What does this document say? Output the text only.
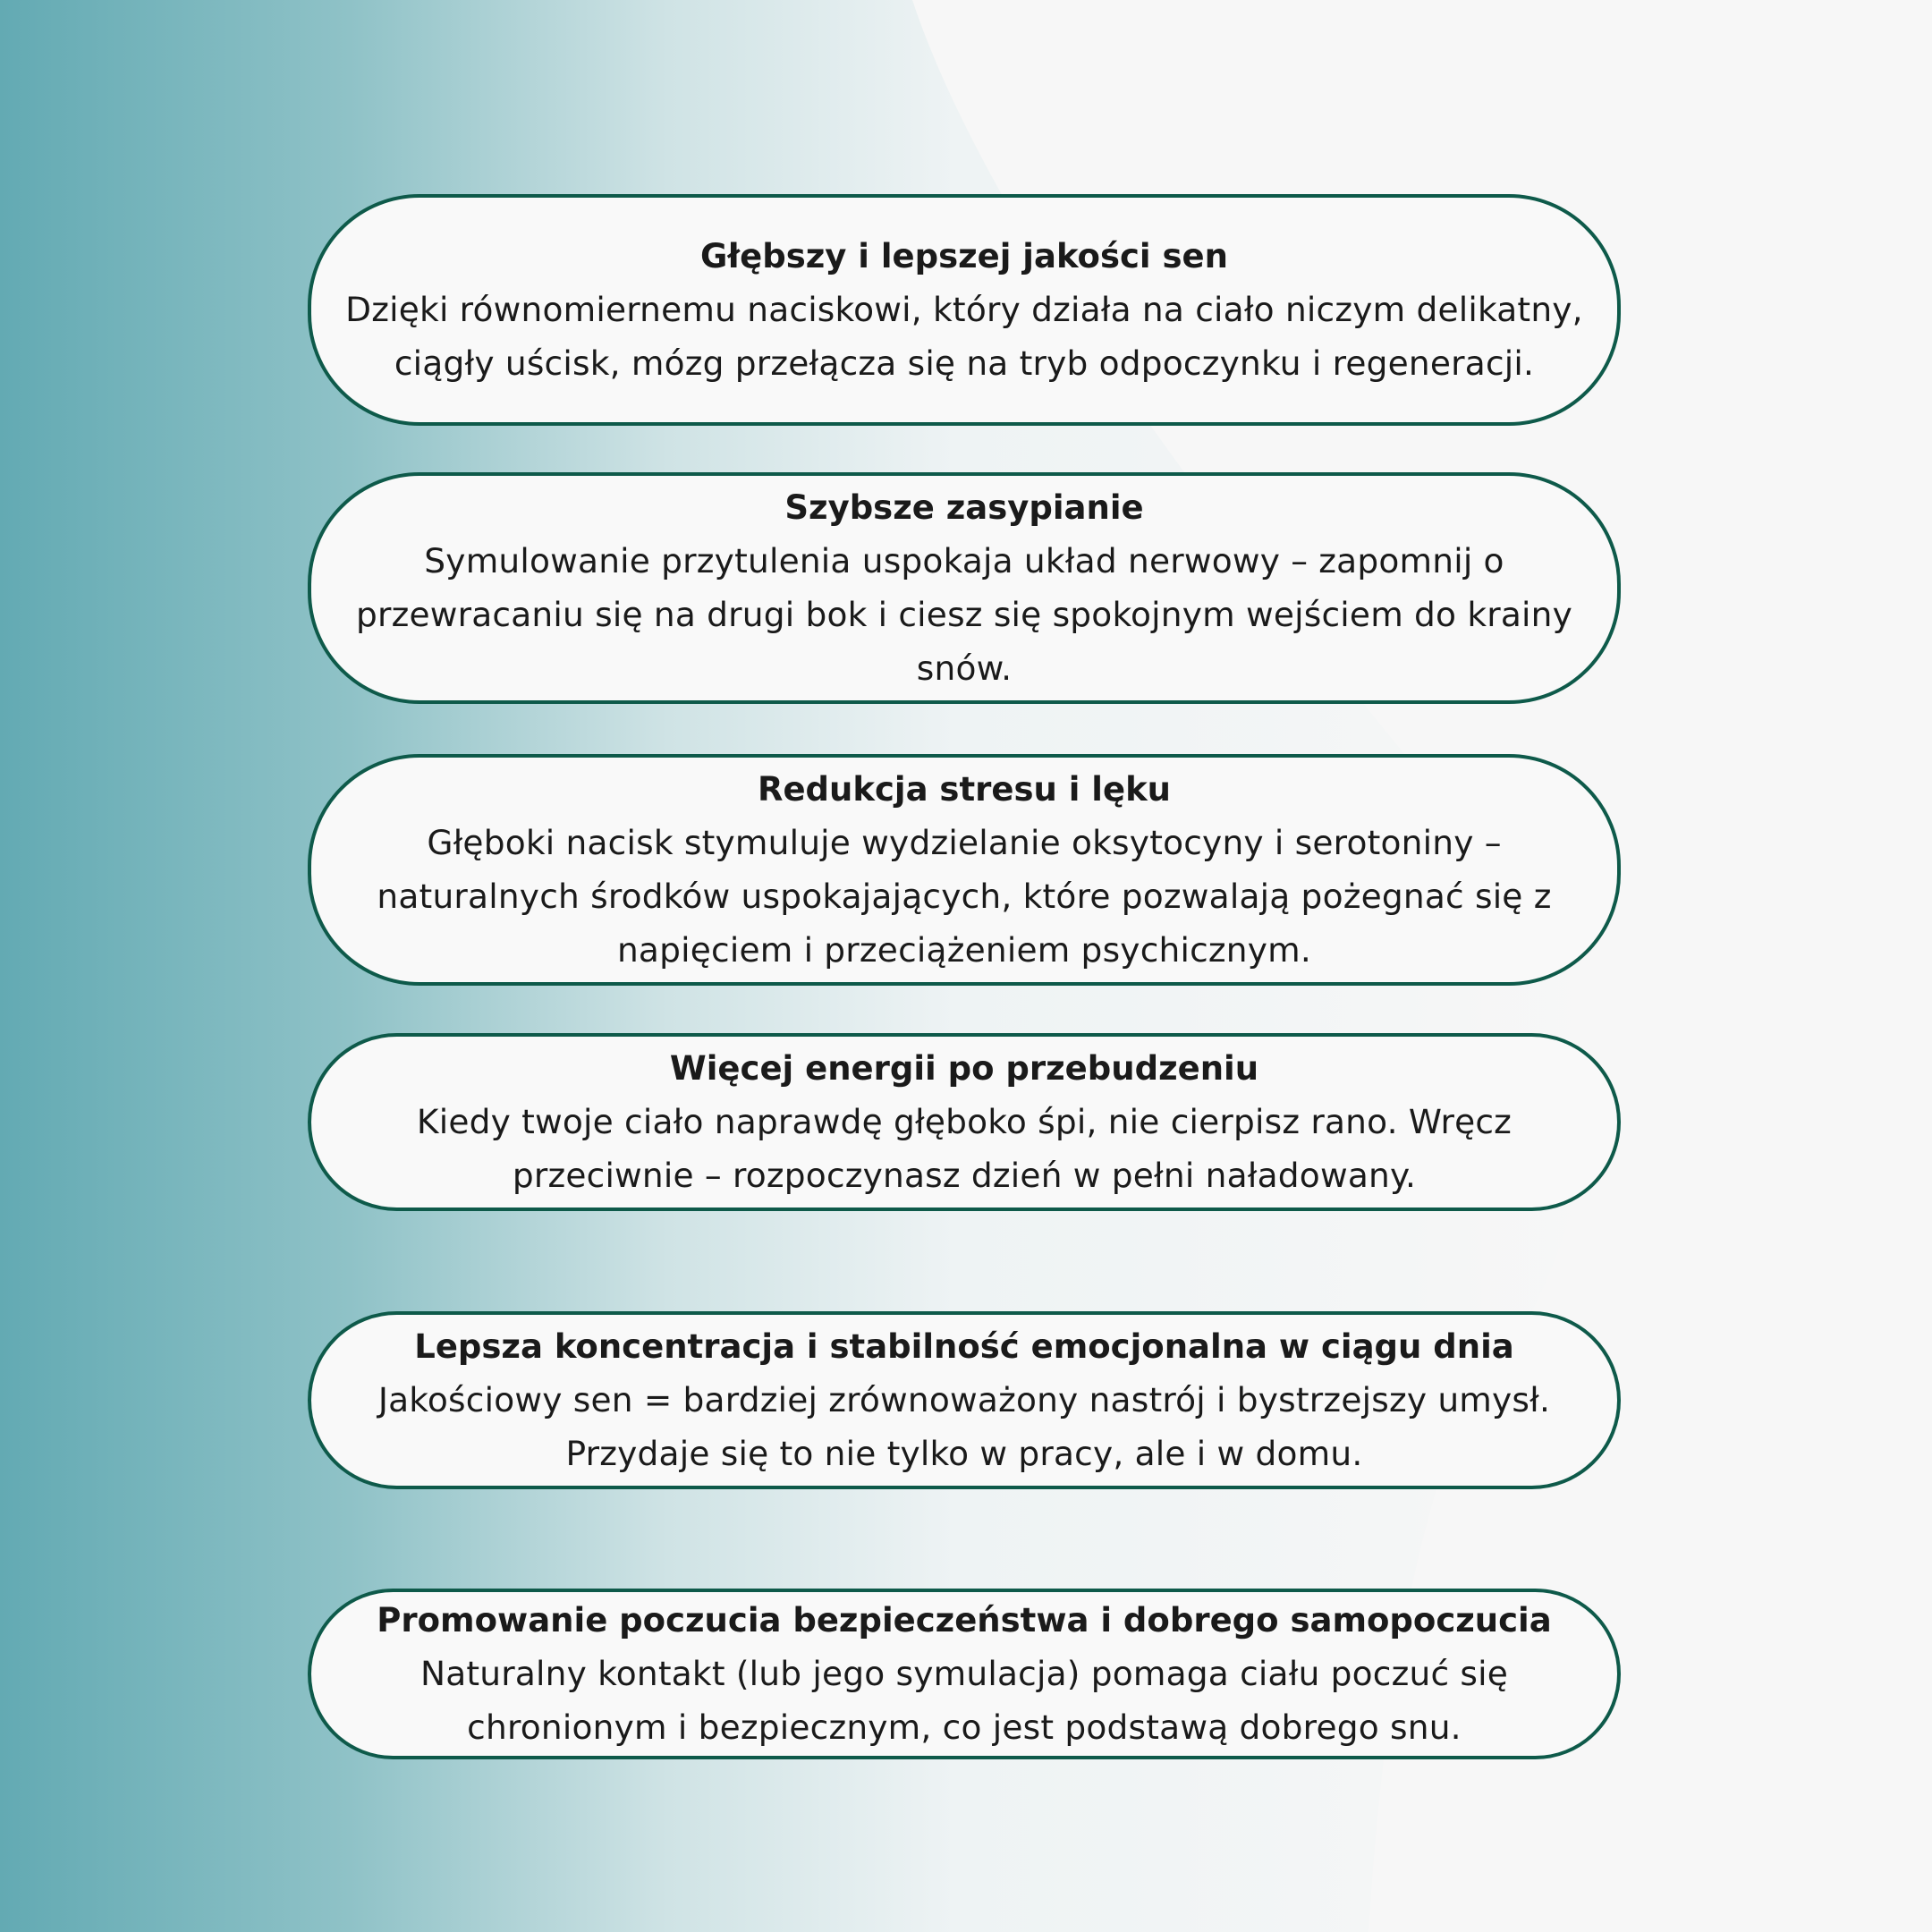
Głębszy i lepszej jakości sen

Dzięki równomiernemu naciskowi, który działa na ciało niczym delikatny, ciągły uścisk, mózg przełącza się na tryb odpoczynku i regeneracji.

Szybsze zasypianie

Symulowanie przytulenia uspokaja układ nerwowy – zapomnij o przewracaniu się na drugi bok i ciesz się spokojnym wejściem do krainy snów.

Redukcja stresu i lęku

Głęboki nacisk stymuluje wydzielanie oksytocyny i serotoniny – naturalnych środków uspokajających, które pozwalają pożegnać się z napięciem i przeciążeniem psychicznym.

Więcej energii po przebudzeniu

Kiedy twoje ciało naprawdę głęboko śpi, nie cierpisz rano. Wręcz przeciwnie – rozpoczynasz dzień w pełni naładowany.

Lepsza koncentracja i stabilność emocjonalna w ciągu dnia

Jakościowy sen = bardziej zrównoważony nastrój i bystrzejszy umysł. Przydaje się to nie tylko w pracy, ale i w domu.

Promowanie poczucia bezpieczeństwa i dobrego samopoczucia

Naturalny kontakt (lub jego symulacja) pomaga ciału poczuć się chronionym i bezpiecznym, co jest podstawą dobrego snu.
